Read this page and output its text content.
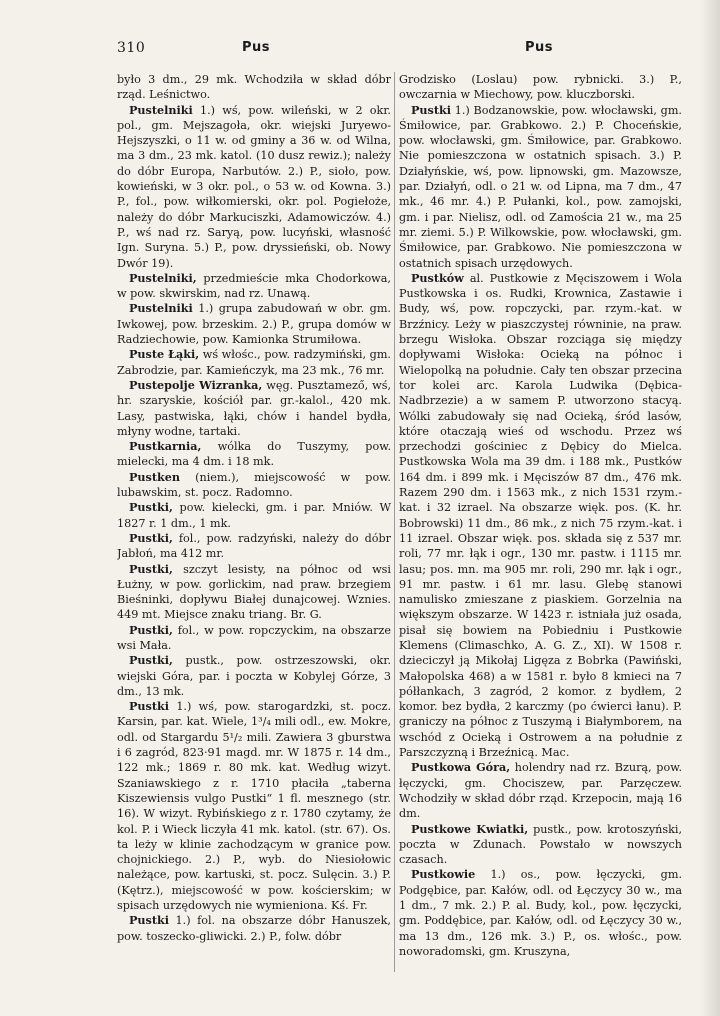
310	Pus	Pus

było 3 dm., 29 mk. Wchodziła w skład dóbr rząd. Leśnictwo.

Pustelniki 1.) wś, pow. wileński, w 2 okr. pol., gm. Mejszagoła, okr. wiejski Juryewo-Hejszyszki, o 11 w. od gminy a 36 w. od Wilna, ma 3 dm., 23 mk. katol. (10 dusz rewiz.); należy do dóbr Europa, Narbutów. 2.) P., sioło, pow. kowieński, w 3 okr. pol., o 53 w. od Kowna. 3.) P., fol., pow. wiłkomierski, okr. pol. Pogiełoże, należy do dóbr Markuciszki, Adamowiczów. 4.) P., wś nad rz. Saryą, pow. lucyński, własność Ign. Suryna. 5.) P., pow. dryssieński, ob. Nowy Dwór 19).

Pustelniki, przedmieście mka Chodorkowa, w pow. skwirskim, nad rz. Unawą.

Pustelniki 1.) grupa zabudowań w obr. gm. Iwkowej, pow. brzeskim. 2.) P., grupa domów w Radziechowie, pow. Kamionka Strumiłowa.

Puste Łąki, wś włośc., pow. radzymiński, gm. Zabrodzie, par. Kamieńczyk, ma 23 mk., 76 mr.

Pustepolje Wizranka, węg. Pusztamező, wś, hr. szaryskie, kościół par. gr.-kalol., 420 mk. Lasy, pastwiska, łąki, chów i handel bydła, młyny wodne, tartaki.

Pustkarnia, wólka do Tuszymy, pow. mielecki, ma 4 dm. i 18 mk.

Pustken (niem.), miejscowość w pow. lubawskim, st. pocz. Radomno.

Pustki, pow. kielecki, gm. i par. Mniów. W 1827 r. 1 dm., 1 mk.

Pustki, fol., pow. radzyński, należy do dóbr Jabłoń, ma 412 mr.

Pustki, szczyt lesisty, na północ od wsi Łużny, w pow. gorlickim, nad praw. brzegiem Bieśninki, dopływu Białej dunajcowej. Wznies. 449 mt. Miejsce znaku triang. Br. G.

Pustki, fol., w pow. ropczyckim, na obszarze wsi Mała.

Pustki, pustk., pow. ostrzeszowski, okr. wiejski Góra, par. i poczta w Kobylej Górze, 3 dm., 13 mk.

Pustki 1.) wś, pow. starogardzki, st. pocz. Karsin, par. kat. Wiele, 1³/₄ mili odl., ew. Mokre, odl. od Stargardu 5¹/₂ mili. Zawiera 3 gburstwa i 6 zagród, 823·91 magd. mr. W 1875 r. 14 dm., 122 mk.; 1869 r. 80 mk. kat. Według wizyt. Szaniawskiego z r. 1710 płaciła „taberna Kiszewiensis vulgo Pustki“ 1 fl. mesznego (str. 16). W wizyt. Rybińskiego z r. 1780 czytamy, że kol. P. i Wieck liczyła 41 mk. katol. (str. 67). Os. ta leży w klinie zachodzącym w granice pow. chojnickiego. 2.) P., wyb. do Niesiołowic należące, pow. kartuski, st. pocz. Sulęcin. 3.) P. (Kętrz.), miejscowość w pow. kościerskim; w spisach urzędowych nie wymieniona. Kś. Fr.

Pustki 1.) fol. na obszarze dóbr Hanuszek, pow. toszecko-gliwicki. 2.) P., folw. dóbr

Grodzisko (Loslau) pow. rybnicki. 3.) P., owczarnia w Miechowy, pow. kluczborski.

Pustki 1.) Bodzanowskie, pow. włocławski, gm. Śmiłowice, par. Grabkowo. 2.) P. Choceńskie, pow. włocławski, gm. Śmiłowice, par. Grabkowo. Nie pomieszczona w ostatnich spisach. 3.) P. Działyńskie, wś, pow. lipnowski, gm. Mazowsze, par. Działyń, odl. o 21 w. od Lipna, ma 7 dm., 47 mk., 46 mr. 4.) P. Pułanki, kol., pow. zamojski, gm. i par. Nielisz, odl. od Zamościa 21 w., ma 25 mr. ziemi. 5.) P. Wilkowskie, pow. włocławski, gm. Śmiłowice, par. Grabkowo. Nie pomieszczona w ostatnich spisach urzędowych.

Pustków al. Pustkowie z Męciszowem i Wola Pustkowska i os. Rudki, Krownica, Zastawie i Budy, wś, pow. ropczycki, par. rzym.-kat. w Brzźnicy. Leży w piaszczystej równinie, na praw. brzegu Wisłoka. Obszar rozciąga się między dopływami Wisłoka: Ocieką na północ i Wielopolką na południe. Cały ten obszar przecina tor kolei arc. Karola Ludwika (Dębica-Nadbrzezie) a w samem P. utworzono stacyą. Wólki zabudowały się nad Ocieką, śród lasów, które otaczają wieś od wschodu. Przez wś przechodzi gościniec z Dębicy do Mielca. Pustkowska Wola ma 39 dm. i 188 mk., Pustków 164 dm. i 899 mk. i Męciszów 87 dm., 476 mk. Razem 290 dm. i 1563 mk., z nich 1531 rzym.-kat. i 32 izrael. Na obszarze więk. pos. (K. hr. Bobrowski) 11 dm., 86 mk., z nich 75 rzym.-kat. i 11 izrael. Obszar więk. pos. składa się z 537 mr. roli, 77 mr. łąk i ogr., 130 mr. pastw. i 1115 mr. lasu; pos. mn. ma 905 mr. roli, 290 mr. łąk i ogr., 91 mr. pastw. i 61 mr. lasu. Glebę stanowi namulisko zmieszane z piaskiem. Gorzelnia na większym obszarze. W 1423 r. istniała już osada, pisał się bowiem na Pobiedniu i Pustkowie Klemens (Climaschko, A. G. Z., XI). W 1508 r. dzieciczył ją Mikołaj Ligęza z Bobrka (Pawiński, Małopolska 468) a w 1581 r. było 8 kmieci na 7 półłankach, 3 zagród, 2 komor. z bydłem, 2 komor. bez bydła, 2 karczmy (po ćwierci łanu). P. graniczy na północ z Tuszymą i Białymborem, na wschód z Ocieką i Ostrowem a na południe z Parszczyzną i Brzeźnicą. Mac.

Pustkowa Góra, holendry nad rz. Bzurą, pow. łęczycki, gm. Chociszew, par. Parzęczew. Wchodziły w skład dóbr rząd. Krzepocin, mają 16 dm.

Pustkowe Kwiatki, pustk., pow. krotoszyński, poczta w Zdunach. Powstało w nowszych czasach.

Pustkowie 1.) os., pow. łęczycki, gm. Podgębice, par. Kałów, odl. od Łęczycy 30 w., ma 1 dm., 7 mk. 2.) P. al. Budy, kol., pow. łęczycki, gm. Poddębice, par. Kałów, odl. od Łęczycy 30 w., ma 13 dm., 126 mk. 3.) P., os. włośc., pow. noworadomski, gm. Kruszyna,
